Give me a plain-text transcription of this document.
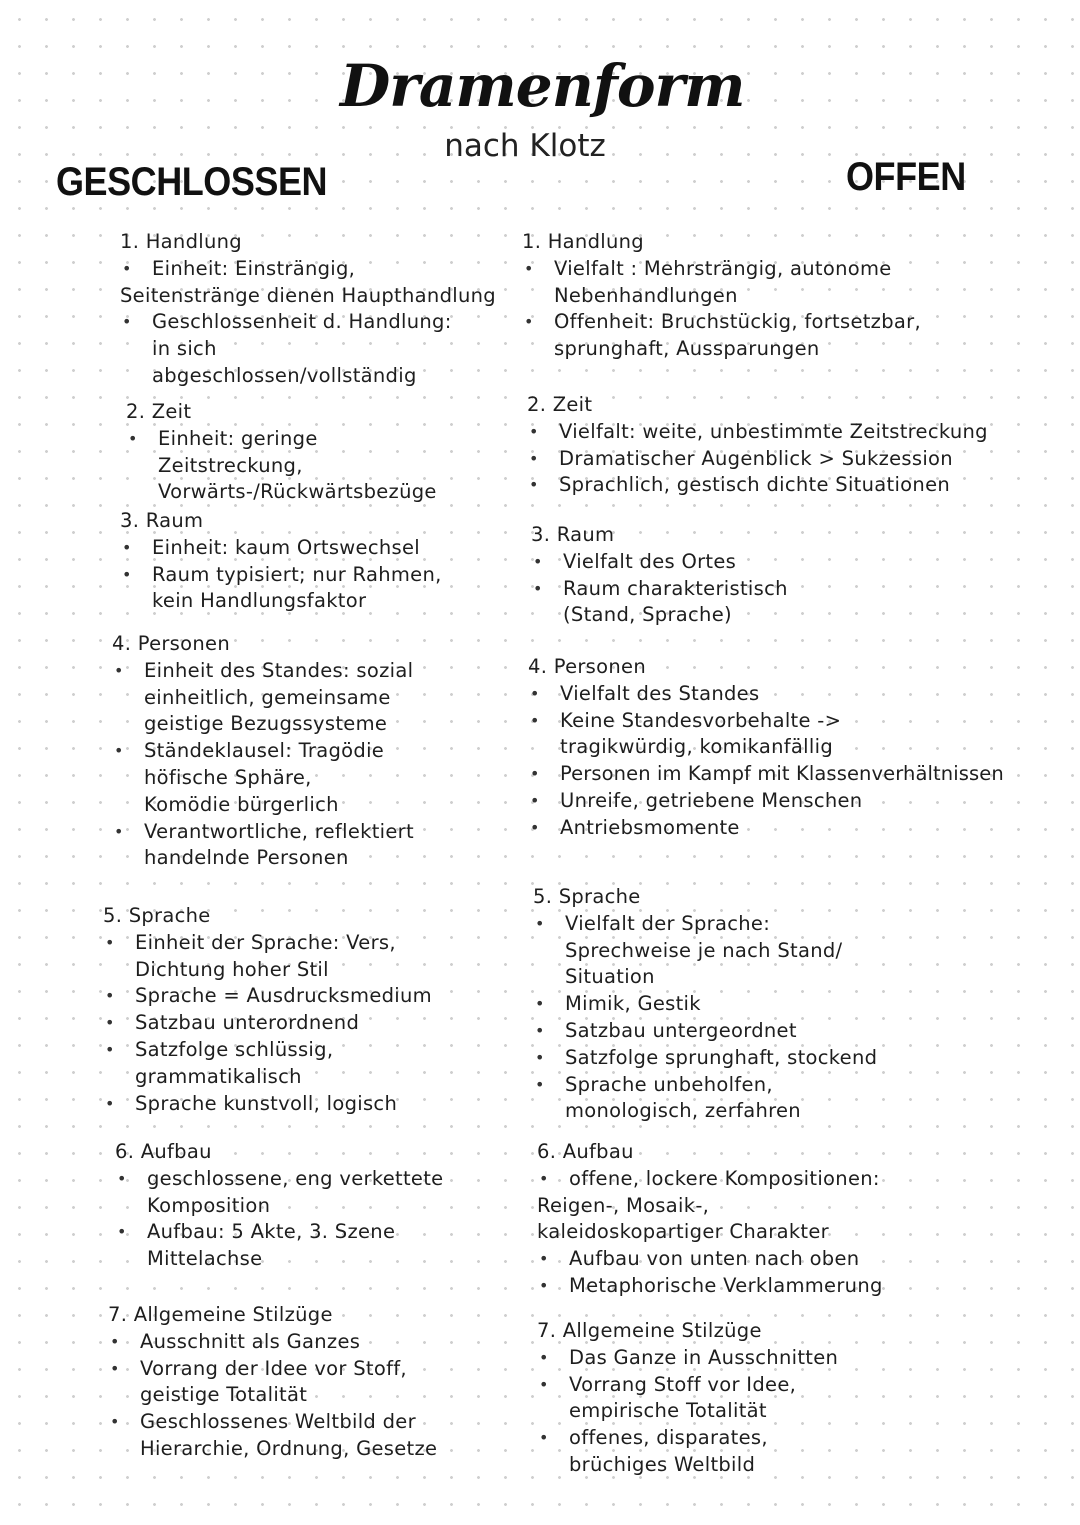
Dramenform
nach Klotz
GESCHLOSSEN	OFFEN
1. Handlung
• Einheit: Einsträngig,
Seitenstränge dienen Haupthandlung
• Geschlossenheit d. Handlung: in sich abgeschlossen/vollständig
2. Zeit
• Einheit: geringe Zeitstreckung, Vorwärts-/Rückwärtsbezüge
3. Raum
• Einheit: kaum Ortswechsel
• Raum typisiert; nur Rahmen, kein Handlungsfaktor
4. Personen
• Einheit des Standes: sozial einheitlich, gemeinsame geistige Bezugssysteme
• Ständeklausel: Tragödie höfische Sphäre, Komödie bürgerlich
• Verantwortliche, reflektiert handelnde Personen
5. Sprache
• Einheit der Sprache: Vers, Dichtung hoher Stil
• Sprache = Ausdrucksmedium
• Satzbau unterordnend
• Satzfolge schlüssig, grammatikalisch
• Sprache kunstvoll, logisch
6. Aufbau
• geschlossene, eng verkettete Komposition
• Aufbau: 5 Akte, 3. Szene Mittelachse
7. Allgemeine Stilzüge
• Ausschnitt als Ganzes
• Vorrang der Idee vor Stoff, geistige Totalität
• Geschlossenes Weltbild der Hierarchie, Ordnung, Gesetze
1. Handlung
• Vielfalt : Mehrsträngig, autonome Nebenhandlungen
• Offenheit: Bruchstückig, fortsetzbar, sprunghaft, Aussparungen
2. Zeit
• Vielfalt: weite, unbestimmte Zeitstreckung
• Dramatischer Augenblick > Sukzession
• Sprachlich, gestisch dichte Situationen
3. Raum
• Vielfalt des Ortes
• Raum charakteristisch (Stand, Sprache)
4. Personen
• Vielfalt des Standes
• Keine Standesvorbehalte -> tragikwürdig, komikanfällig
• Personen im Kampf mit Klassenverhältnissen
• Unreife, getriebene Menschen
• Antriebsmomente
5. Sprache
• Vielfalt der Sprache: Sprechweise je nach Stand/ Situation
• Mimik, Gestik
• Satzbau untergeordnet
• Satzfolge sprunghaft, stockend
• Sprache unbeholfen, monologisch, zerfahren
6. Aufbau
• offene, lockere Kompositionen:
Reigen-, Mosaik-, kaleidoskopartiger Charakter
• Aufbau von unten nach oben
• Metaphorische Verklammerung
7. Allgemeine Stilzüge
• Das Ganze in Ausschnitten
• Vorrang Stoff vor Idee, empirische Totalität
• offenes, disparates, brüchiges Weltbild
